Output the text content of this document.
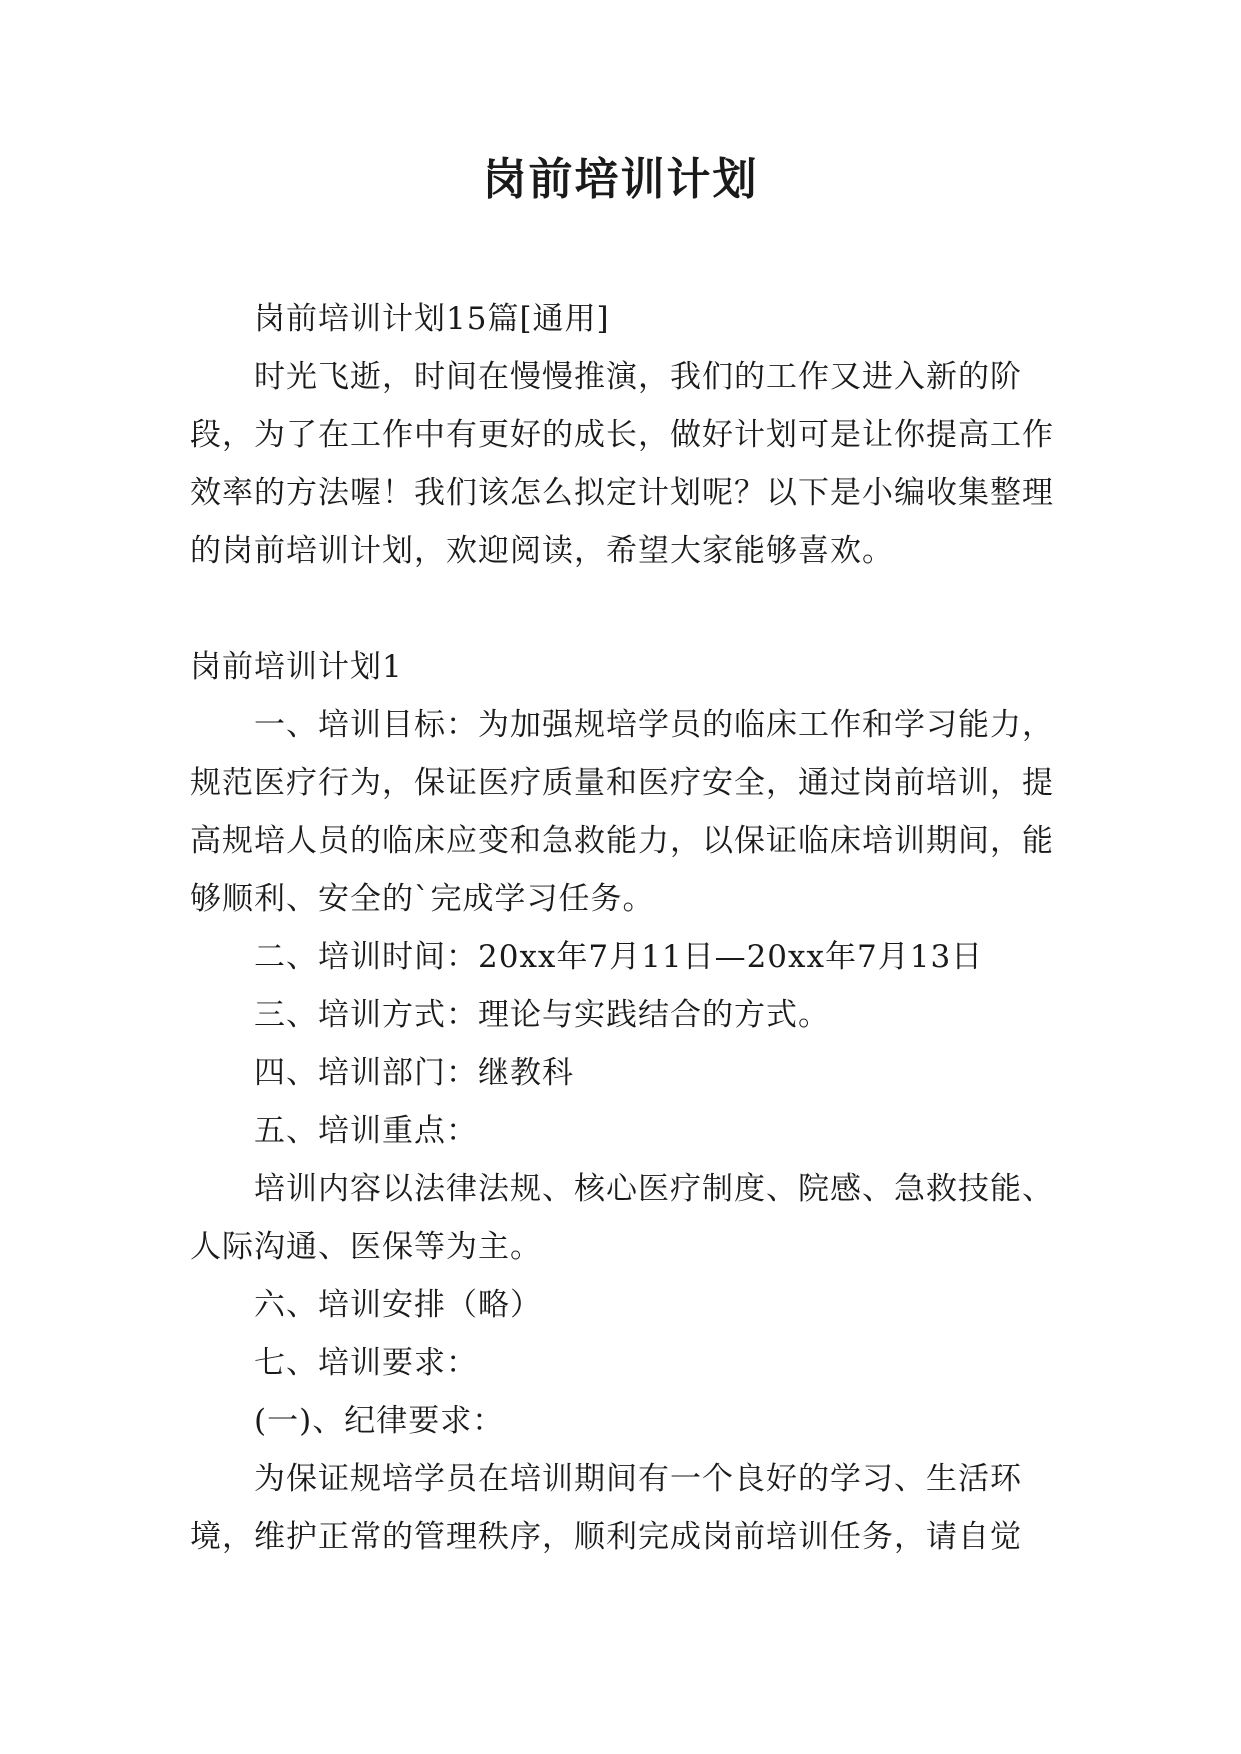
岗前培训计划

岗前培训计划15篇[通用]

时光飞逝，时间在慢慢推演，我们的工作又进入新的阶段，为了在工作中有更好的成长，做好计划可是让你提高工作效率的方法喔！我们该怎么拟定计划呢？以下是小编收集整理的岗前培训计划，欢迎阅读，希望大家能够喜欢。

岗前培训计划1

一、培训目标：为加强规培学员的临床工作和学习能力，规范医疗行为，保证医疗质量和医疗安全，通过岗前培训，提高规培人员的临床应变和急救能力，以保证临床培训期间，能够顺利、安全的`完成学习任务。

二、培训时间：20xx年7月11日—20xx年7月13日

三、培训方式：理论与实践结合的方式。

四、培训部门：继教科

五、培训重点：

培训内容以法律法规、核心医疗制度、院感、急救技能、人际沟通、医保等为主。

六、培训安排（略）

七、培训要求：

(一)、纪律要求：

为保证规培学员在培训期间有一个良好的学习、生活环境，维护正常的管理秩序，顺利完成岗前培训任务，请自觉
